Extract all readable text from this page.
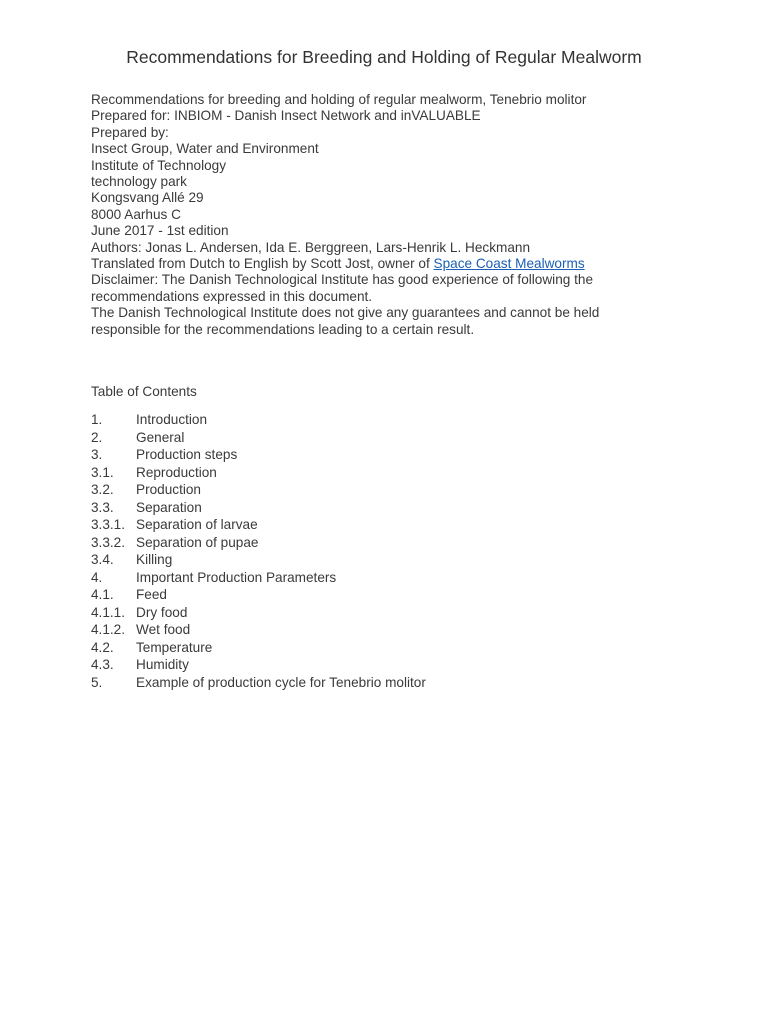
Recommendations for Breeding and Holding of Regular Mealworm
Recommendations for breeding and holding of regular mealworm, Tenebrio molitor
Prepared for: INBIOM - Danish Insect Network and inVALUABLE
Prepared by:
Insect Group, Water and Environment
Institute of Technology
technology park
Kongsvang Allé 29
8000 Aarhus C
June 2017 - 1st edition
Authors: Jonas L. Andersen, Ida E. Berggreen, Lars-Henrik L. Heckmann
Translated from Dutch to English by Scott Jost, owner of Space Coast Mealworms
Disclaimer: The Danish Technological Institute has good experience of following the
recommendations expressed in this document.
The Danish Technological Institute does not give any guarantees and cannot be held
responsible for the recommendations leading to a certain result.
Table of Contents
1.	Introduction
2.	General
3.	Production steps
3.1.	Reproduction
3.2.	Production
3.3.	Separation
3.3.1. Separation of larvae
3.3.2. Separation of pupae
3.4.	Killing
4.	Important Production Parameters
4.1.	Feed
4.1.1. Dry food
4.1.2. Wet food
4.2.	Temperature
4.3.	Humidity
5.	Example of production cycle for Tenebrio molitor
